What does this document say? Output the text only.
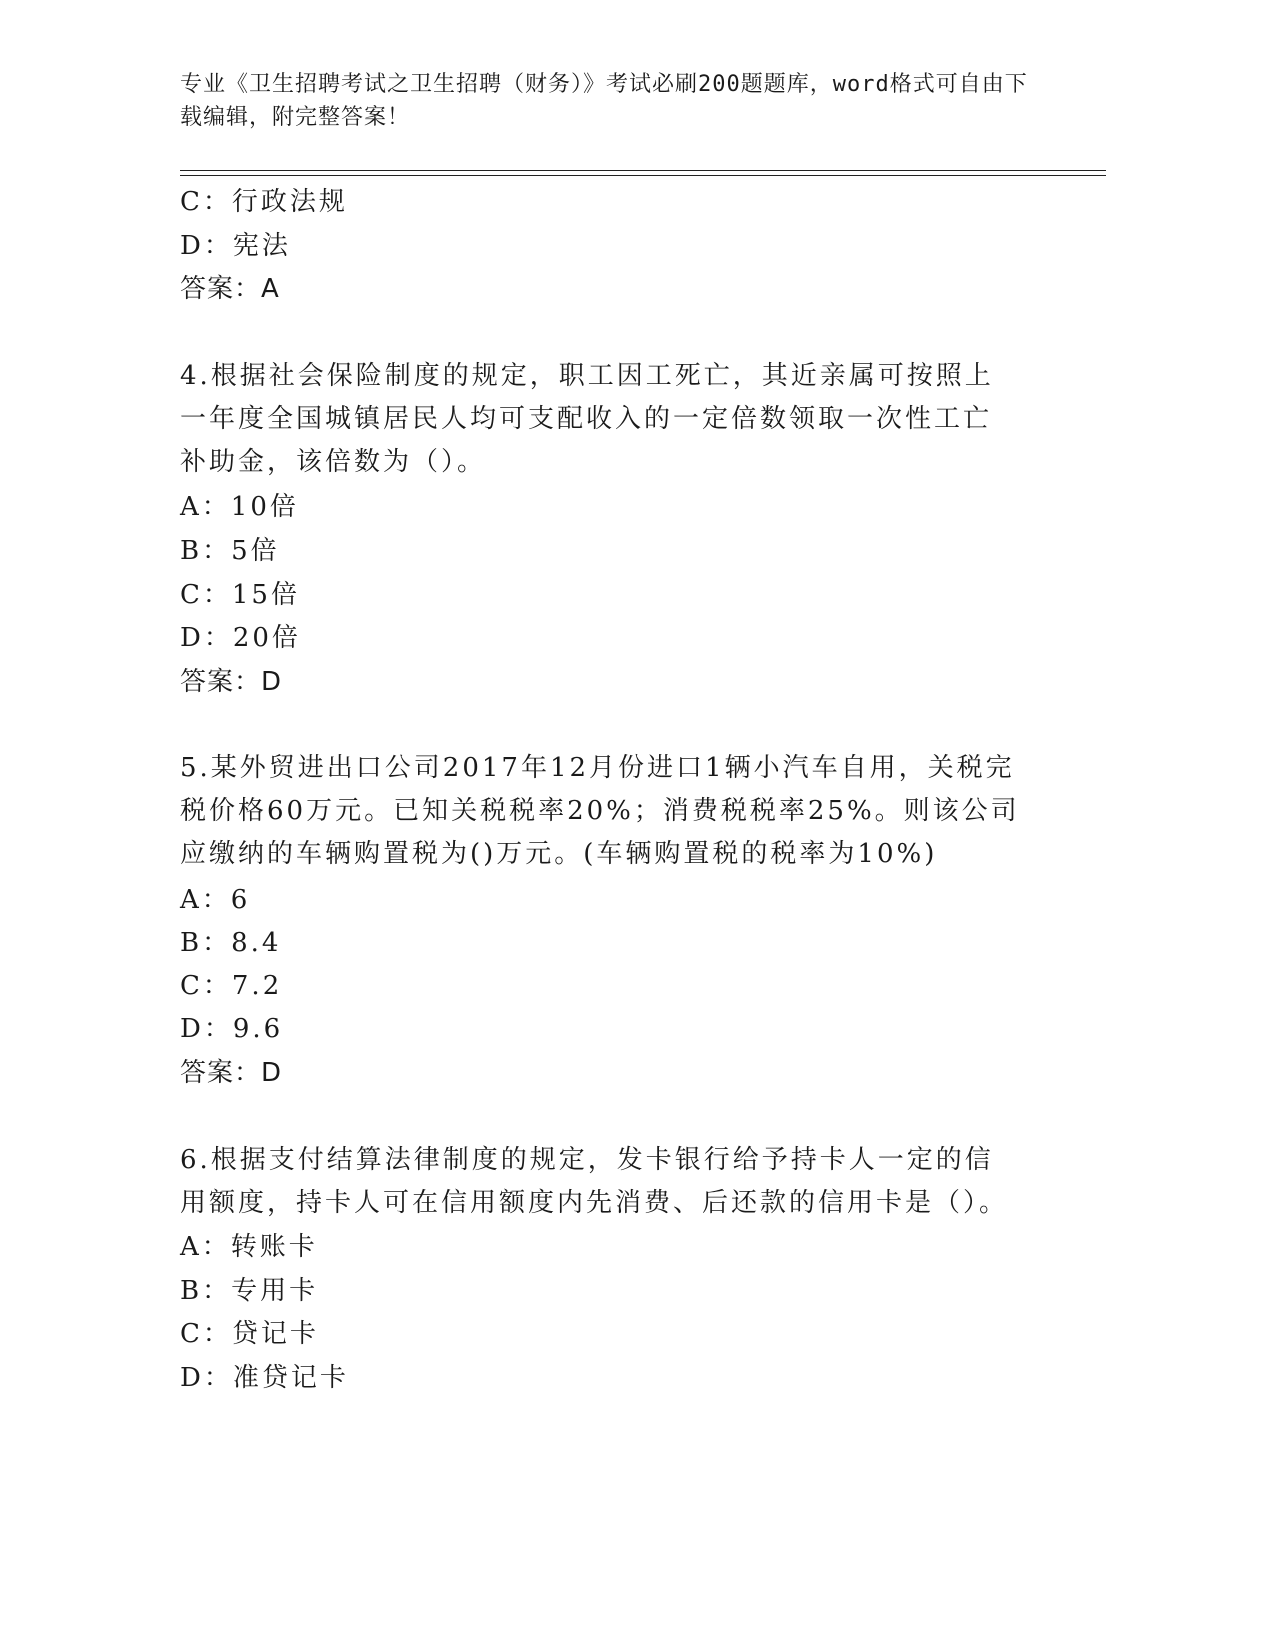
专业《卫生招聘考试之卫生招聘（财务）》考试必刷200题题库，word格式可自由下载编辑，附完整答案！
C：行政法规
D：宪法
答案：A
4.根据社会保险制度的规定，职工因工死亡，其近亲属可按照上一年度全国城镇居民人均可支配收入的一定倍数领取一次性工亡补助金，该倍数为（）。
A：10倍
B：5倍
C：15倍
D：20倍
答案：D
5.某外贸进出口公司2017年12月份进口1辆小汽车自用，关税完税价格60万元。已知关税税率20%；消费税税率25%。则该公司应缴纳的车辆购置税为()万元。(车辆购置税的税率为10%)
A：6
B：8.4
C：7.2
D：9.6
答案：D
6.根据支付结算法律制度的规定，发卡银行给予持卡人一定的信用额度，持卡人可在信用额度内先消费、后还款的信用卡是（）。
A：转账卡
B：专用卡
C：贷记卡
D：准贷记卡
